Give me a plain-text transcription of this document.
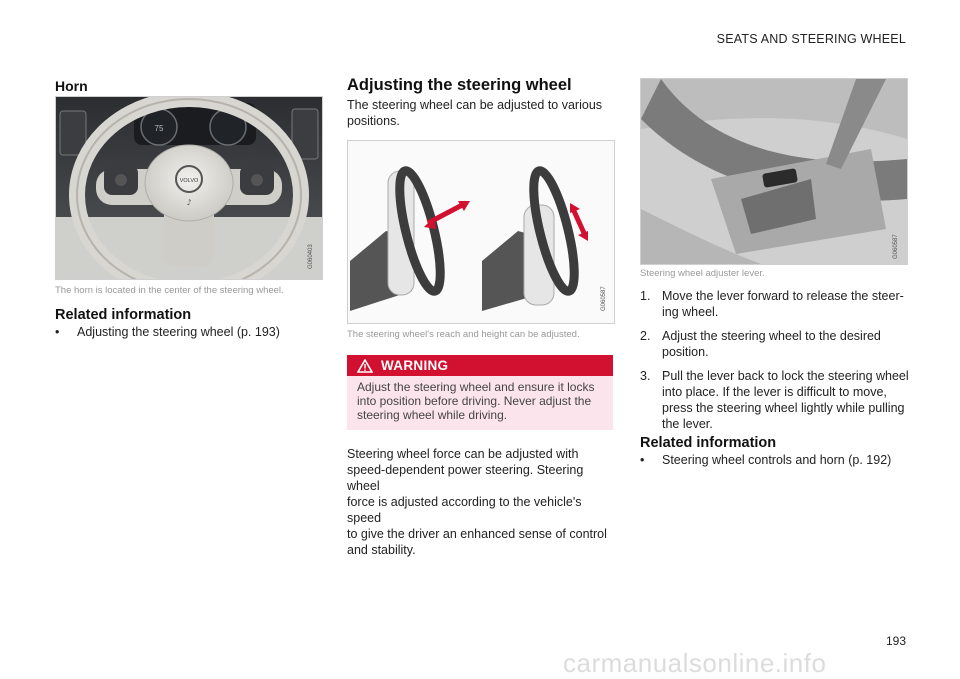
SEATS AND STEERING WHEEL
193
carmanualsonline.info
Horn
75
VOLVO
♪
G060403
The horn is located in the center of the steering wheel.
Related information
•	Adjusting the steering wheel (p. 193)
Adjusting the steering wheel
The steering wheel can be adjusted to various
positions.
G060587
The steering wheel's reach and height can be adjusted.
WARNING
Adjust the steering wheel and ensure it locks
into position before driving. Never adjust the
steering wheel while driving.
Steering wheel force can be adjusted with
speed-dependent power steering. Steering wheel
force is adjusted according to the vehicle's speed
to give the driver an enhanced sense of control
and stability.
G060587
Steering wheel adjuster lever.
1. Move the lever forward to release the steer-
ing wheel.
2. Adjust the steering wheel to the desired
position.
3. Pull the lever back to lock the steering wheel
into place. If the lever is difficult to move,
press the steering wheel lightly while pulling
the lever.
Related information
•	Steering wheel controls and horn (p. 192)
